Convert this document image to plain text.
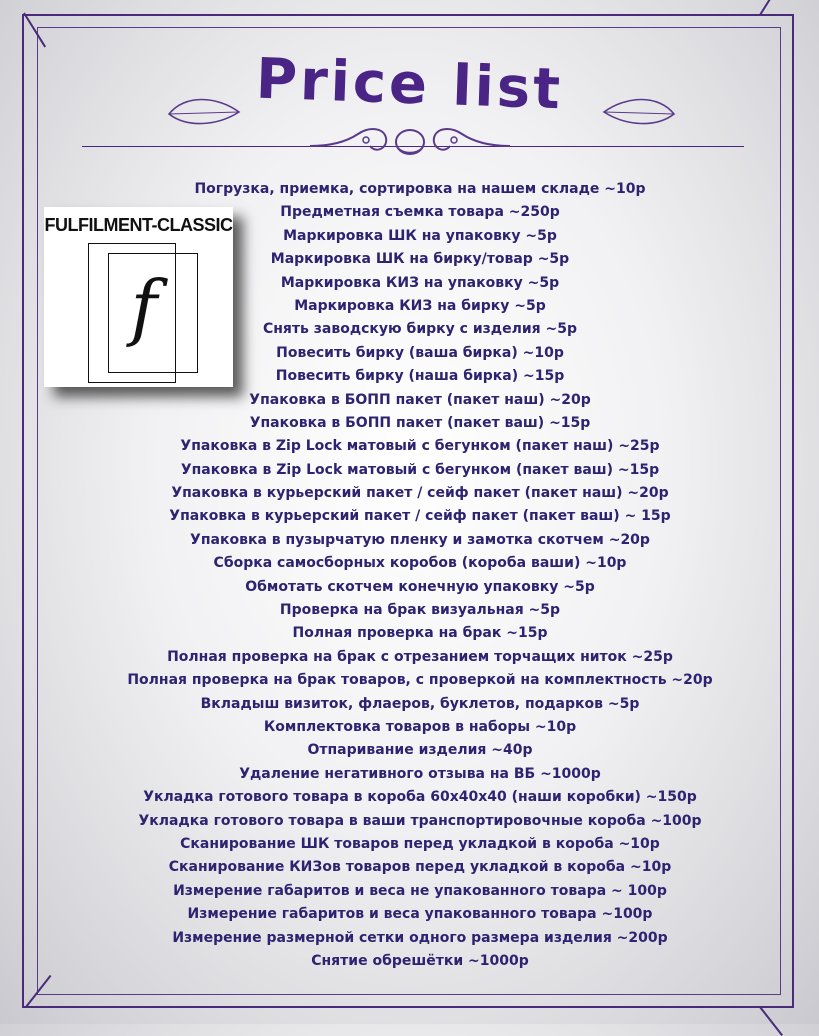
Price list
FULFILMENT-CLASSIC
f
Погрузка, приемка, сортировка на нашем складе ~10р
Предметная съемка товара ~250р
Маркировка ШК на упаковку ~5р
Маркировка ШК на бирку/товар ~5р
Маркировка КИЗ на упаковку ~5р
Маркировка КИЗ на бирку ~5р
Снять заводскую бирку с изделия ~5р
Повесить бирку (ваша бирка) ~10р
Повесить бирку (наша бирка) ~15р
Упаковка в БОПП пакет (пакет наш) ~20р
Упаковка в БОПП пакет (пакет ваш) ~15р
Упаковка в Zip Lock матовый с бегунком (пакет наш) ~25р
Упаковка в Zip Lock матовый с бегунком (пакет ваш) ~15р
Упаковка в курьерский пакет / сейф пакет (пакет наш) ~20р
Упаковка в курьерский пакет / сейф пакет (пакет ваш) ~ 15р
Упаковка в пузырчатую пленку и замотка скотчем ~20р
Сборка самосборных коробов (короба ваши) ~10р
Обмотать скотчем конечную упаковку ~5р
Проверка на брак визуальная ~5р
Полная проверка на брак ~15р
Полная проверка на брак с отрезанием торчащих ниток ~25р
Полная проверка на брак товаров, с проверкой на комплектность ~20р
Вкладыш визиток, флаеров, буклетов, подарков ~5р
Комплектовка товаров в наборы ~10р
Отпаривание изделия ~40р
Удаление негативного отзыва на ВБ ~1000р
Укладка готового товара в короба 60х40х40 (наши коробки) ~150р
Укладка готового товара в ваши транспортировочные короба ~100р
Сканирование ШК товаров перед укладкой в короба ~10р
Сканирование КИЗов товаров перед укладкой в короба ~10р
Измерение габаритов и веса не упакованного товара ~ 100р
Измерение габаритов и веса упакованного товара ~100р
Измерение размерной сетки одного размера изделия ~200р
Снятие обрешётки ~1000р
